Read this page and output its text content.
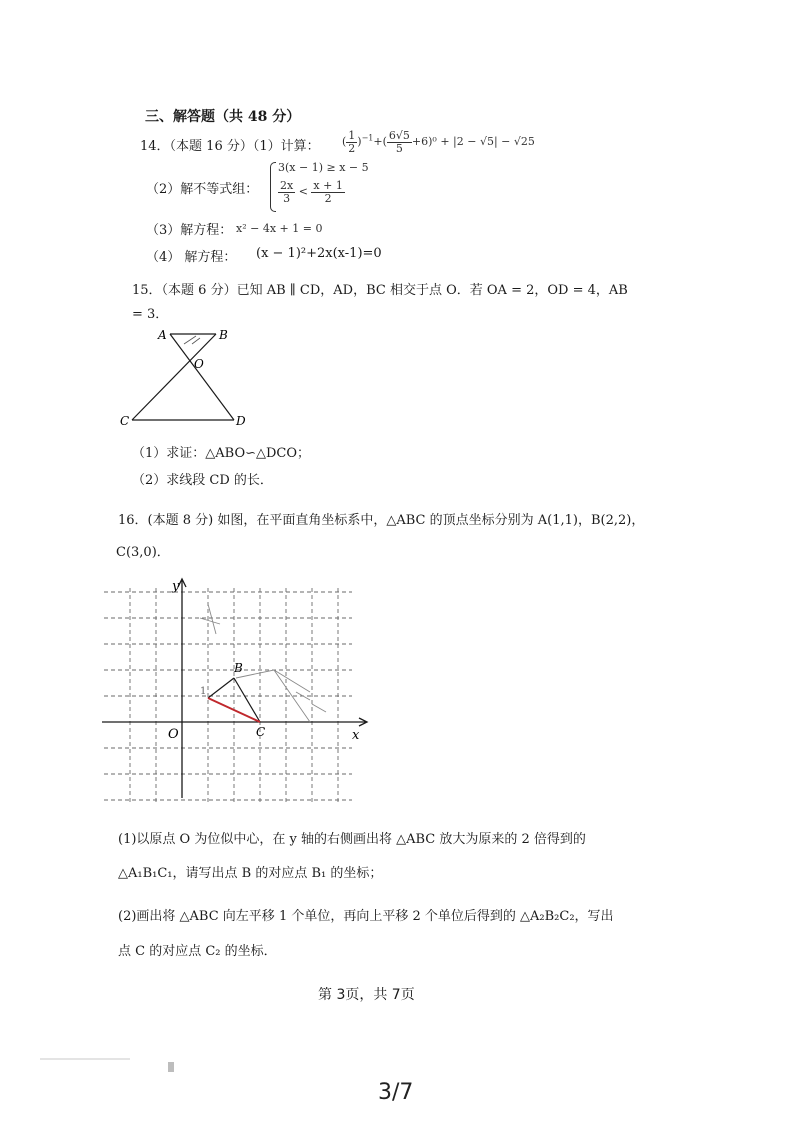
三、解答题（共 48 分）
14．（本题 16 分）（1）计算： ( $\frac{1}{2} )^{-1}+( \frac{6√5}{5} +6)^0 + |2 - √5| - √25$
（2）解不等式组：
3(x − 1) ≥ x − 5
$\frac{2x}{3} < \frac{x + 1}{2}$
（3）解方程： x² − 4x + 1 = 0
（4） 解方程： (x − 1)²+2x(x-1)=0
15．（本题 6 分）已知 AB ∥ CD，AD，BC 相交于点 O．若 OA = 2，OD = 4，AB
= 3．
A	B
O
C	D
（1）求证：△ABO∽△DCO；
（2）求线段 CD 的长．
16．(本题 8 分) 如图，在平面直角坐标系中，△ABC 的顶点坐标分别为 A(1,1)，B(2,2)，
C(3,0)．
O	x
y
B
C
1
(1)以原点 O 为位似中心，在 y 轴的右侧画出将 △ABC 放大为原来的 2 倍得到的
△A₁B₁C₁，请写出点 B 的对应点 B₁ 的坐标；
(2)画出将 △ABC 向左平移 1 个单位，再向上平移 2 个单位后得到的 △A₂B₂C₂，写出
点 C 的对应点 C₂ 的坐标．
第 3页，共 7页
3/7
